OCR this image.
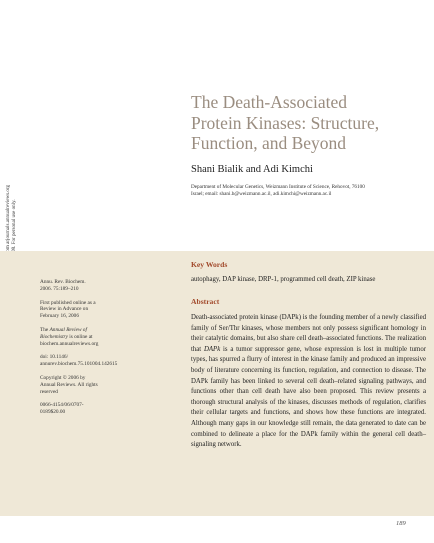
The Death-Associated
Protein Kinases: Structure,
Function, and Beyond
Shani Bialik and Adi Kimchi
Department of Molecular Genetics, Weizmann Institute of Science, Rehovot, 76100
Israel; email: shani.b@weizmann.ac.il, adi.kimchi@weizmann.ac.il

Annu. Rev. Biochem.
2006. 75:189–210

First published online as a
Review in Advance on
February 16, 2006

The Annual Review of
Biochemistry is online at
biochem.annualreviews.org

doi: 10.1146/
annurev.biochem.75.101004.142615

Copyright © 2006 by
Annual Reviews. All rights
reserved

0066-4154/06/0707-
0189$20.00

Key Words
autophagy, DAP kinase, DRP-1, programmed cell death, ZIP kinase
Abstract

Death-associated protein kinase (DAPk) is the founding member of a newly classified family of Ser/Thr kinases, whose members not only possess significant homology in their catalytic domains, but also share cell death–associated functions. The realization that DAPk is a tumor suppressor gene, whose expression is lost in multiple tumor types, has spurred a flurry of interest in the kinase family and produced an impressive body of literature concerning its function, regulation, and connection to disease. The DAPk family has been linked to several cell death–related signaling pathways, and functions other than cell death have also been proposed. This review presents a thorough structural analysis of the kinases, discusses methods of regulation, clarifies their cellular targets and functions, and shows how these functions are integrated. Although many gaps in our knowledge still remain, the data generated to date can be combined to delineate a place for the DAPk family within the general cell death–signaling network.

189
